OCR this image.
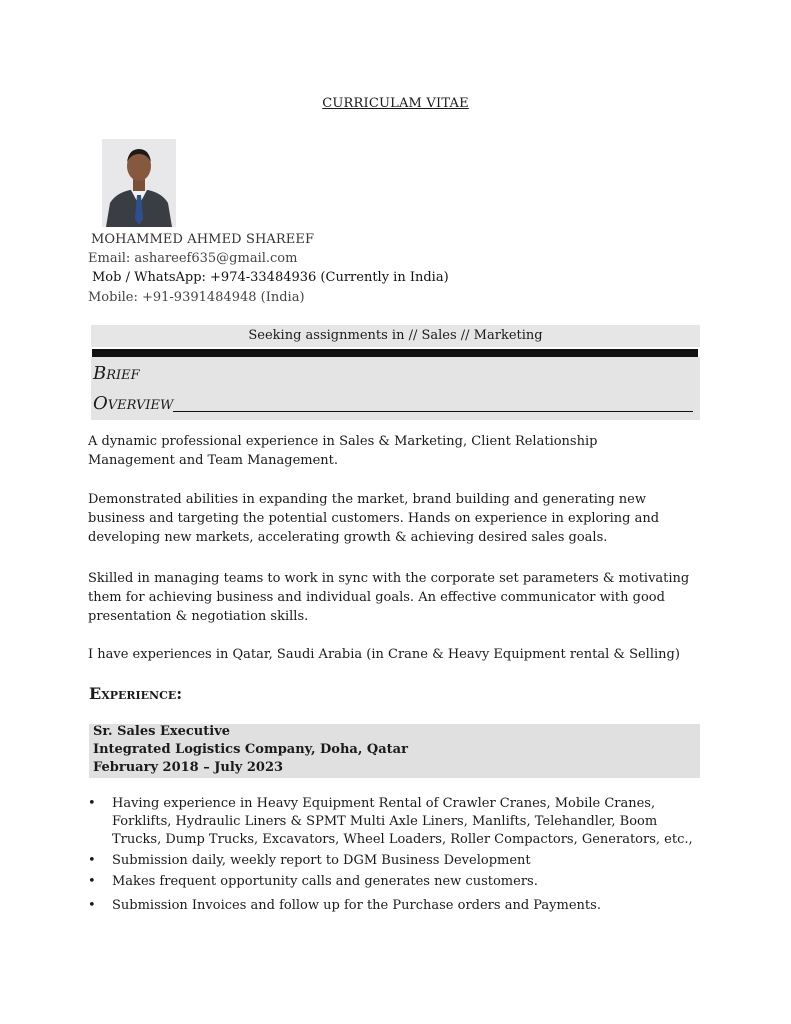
CURRICULAM VITAE
MOHAMMED AHMED SHAREEF
Email: ashareef635@gmail.com
Mob / WhatsApp: +974-33484936 (Currently in India)
Mobile: +91-9391484948 (India)
Seeking assignments in // Sales // Marketing
Brief
Overview
A dynamic professional experience in Sales & Marketing, Client Relationship Management and Team Management.
Demonstrated abilities in expanding the market, brand building and generating new business and targeting the potential customers. Hands on experience in exploring and developing new markets, accelerating growth & achieving desired sales goals.
Skilled in managing teams to work in sync with the corporate set parameters & motivating them for achieving business and individual goals. An effective communicator with good presentation & negotiation skills.
I have experiences in Qatar, Saudi Arabia (in Crane & Heavy Equipment rental & Selling)
Experience:
Sr. Sales Executive
Integrated Logistics Company, Doha, Qatar
February 2018 – July 2023
• Having experience in Heavy Equipment Rental of Crawler Cranes, Mobile Cranes, Forklifts, Hydraulic Liners & SPMT Multi Axle Liners, Manlifts, Telehandler, Boom Trucks, Dump Trucks, Excavators, Wheel Loaders, Roller Compactors, Generators, etc.,
• Submission daily, weekly report to DGM Business Development
• Makes frequent opportunity calls and generates new customers.
• Submission Invoices and follow up for the Purchase orders and Payments.
